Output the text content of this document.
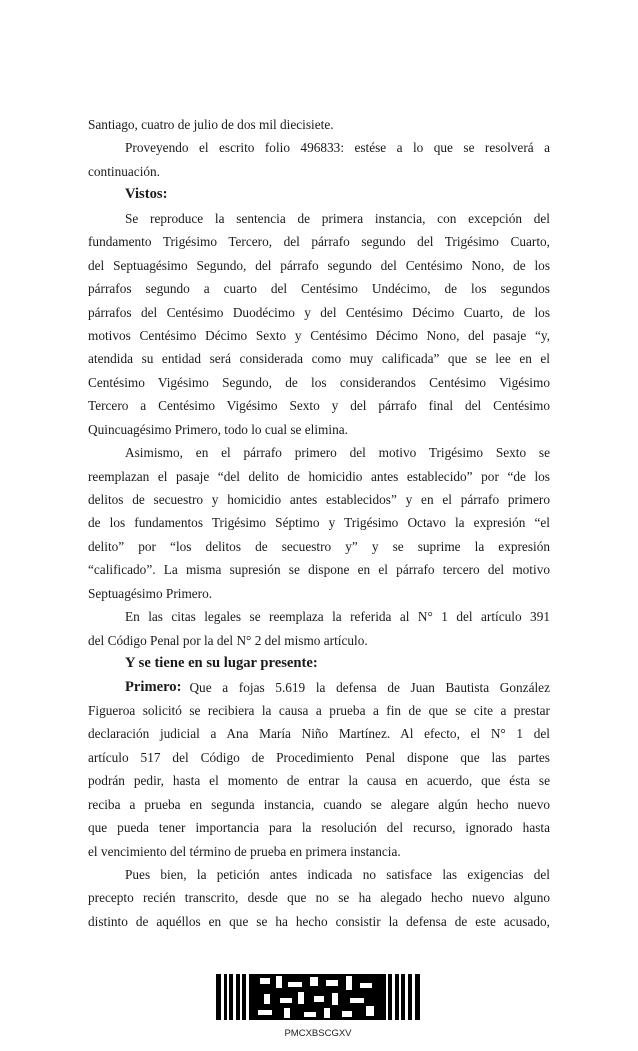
Santiago, cuatro de julio de dos mil diecisiete.
Proveyendo el escrito folio 496833: estése a lo que se resolverá a
continuación.
Vistos:
Se reproduce la sentencia de primera instancia, con excepción del
fundamento Trigésimo Tercero, del párrafo segundo del Trigésimo Cuarto,
del Septuagésimo Segundo, del párrafo segundo del Centésimo Nono, de los
párrafos segundo a cuarto del Centésimo Undécimo, de los segundos
párrafos del Centésimo Duodécimo y del Centésimo Décimo Cuarto, de los
motivos Centésimo Décimo Sexto y Centésimo Décimo Nono, del pasaje “y,
atendida su entidad será considerada como muy calificada” que se lee en el
Centésimo Vigésimo Segundo, de los considerandos Centésimo Vigésimo
Tercero a Centésimo Vigésimo Sexto y del párrafo final del Centésimo
Quincuagésimo Primero, todo lo cual se elimina.
Asimismo, en el párrafo primero del motivo Trigésimo Sexto se
reemplazan el pasaje “del delito de homicidio antes establecido” por “de los
delitos de secuestro y homicidio antes establecidos” y en el párrafo primero
de los fundamentos Trigésimo Séptimo y Trigésimo Octavo la expresión “el
delito” por “los delitos de secuestro y” y se suprime la expresión
“calificado”. La misma supresión se dispone en el párrafo tercero del motivo
Septuagésimo Primero.
En las citas legales se reemplaza la referida al N° 1 del artículo 391
del Código Penal por la del N° 2 del mismo artículo.
Y se tiene en su lugar presente:
Primero: Que a fojas 5.619 la defensa de Juan Bautista González
Figueroa solicitó se recibiera la causa a prueba a fin de que se cite a prestar
declaración judicial a Ana María Niño Martínez. Al efecto, el N° 1 del
artículo 517 del Código de Procedimiento Penal dispone que las partes
podrán pedir, hasta el momento de entrar la causa en acuerdo, que ésta se
reciba a prueba en segunda instancia, cuando se alegare algún hecho nuevo
que pueda tener importancia para la resolución del recurso, ignorado hasta
el vencimiento del término de prueba en primera instancia.
Pues bien, la petición antes indicada no satisface las exigencias del
precepto recién transcrito, desde que no se ha alegado hecho nuevo alguno
distinto de aquéllos en que se ha hecho consistir la defensa de este acusado,
PMCXBSCGXV
